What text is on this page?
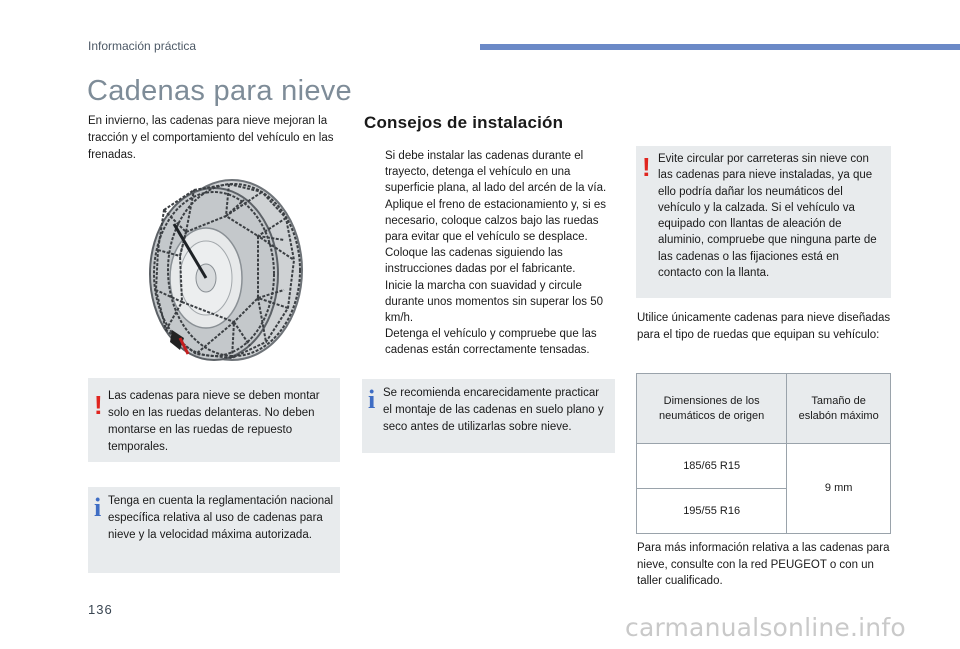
Información práctica
Cadenas para nieve

En invierno, las cadenas para nieve mejoran la tracción y el comportamiento del vehículo en las frenadas.

! Las cadenas para nieve se deben montar solo en las ruedas delanteras. No deben montarse en las ruedas de repuesto temporales.

i Tenga en cuenta la reglamentación nacional específica relativa al uso de cadenas para nieve y la velocidad máxima autorizada.

Consejos de instalación
Si debe instalar las cadenas durante el trayecto, detenga el vehículo en una superficie plana, al lado del arcén de la vía.
Aplique el freno de estacionamiento y, si es necesario, coloque calzos bajo las ruedas para evitar que el vehículo se desplace.
Coloque las cadenas siguiendo las instrucciones dadas por el fabricante.
Inicie la marcha con suavidad y circule durante unos momentos sin superar los 50 km/h.
Detenga el vehículo y compruebe que las cadenas están correctamente tensadas.
i Se recomienda encarecidamente practicar el montaje de las cadenas en suelo plano y seco antes de utilizarlas sobre nieve.

! Evite circular por carreteras sin nieve con las cadenas para nieve instaladas, ya que ello podría dañar los neumáticos del vehículo y la calzada. Si el vehículo va equipado con llantas de aleación de aluminio, compruebe que ninguna parte de las cadenas o las fijaciones está en contacto con la llanta.

Utilice únicamente cadenas para nieve diseñadas para el tipo de ruedas que equipan su vehículo:

Dimensiones de los neumáticos de origen	Tamaño de eslabón máximo
185/65 R15	9 mm
195/55 R16	

Para más información relativa a las cadenas para nieve, consulte con la red PEUGEOT o con un taller cualificado.

136
carmanualsonline.info
